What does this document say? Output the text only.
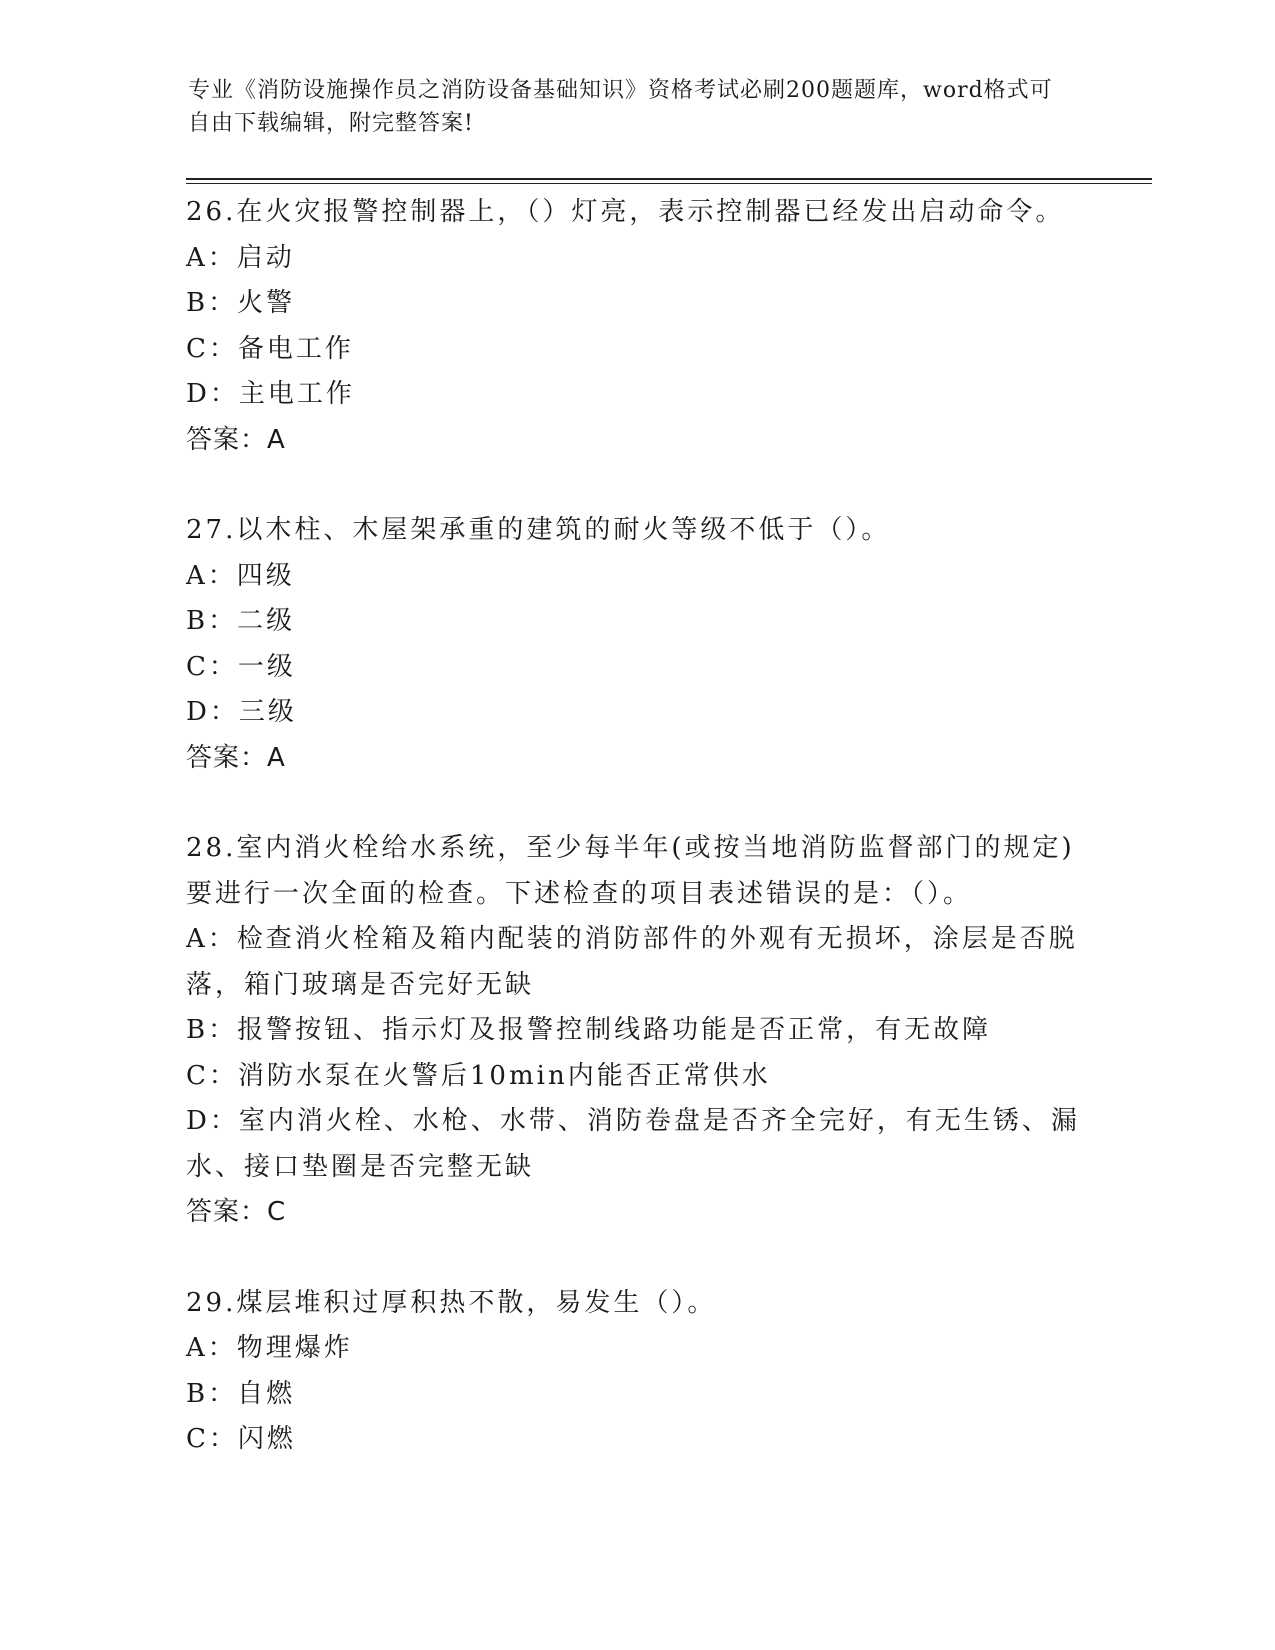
专业《消防设施操作员之消防设备基础知识》资格考试必刷200题题库，word格式可自由下载编辑，附完整答案!
26.在火灾报警控制器上，（）灯亮，表示控制器已经发出启动命令。
A：启动
B：火警
C：备电工作
D：主电工作
答案：A
27.以木柱、木屋架承重的建筑的耐火等级不低于（）。
A：四级
B：二级
C：一级
D：三级
答案：A
28.室内消火栓给水系统，至少每半年(或按当地消防监督部门的规定)要进行一次全面的检查。下述检查的项目表述错误的是：（）。
A：检查消火栓箱及箱内配装的消防部件的外观有无损坏，涂层是否脱落，箱门玻璃是否完好无缺
B：报警按钮、指示灯及报警控制线路功能是否正常，有无故障
C：消防水泵在火警后10min内能否正常供水
D：室内消火栓、水枪、水带、消防卷盘是否齐全完好，有无生锈、漏水、接口垫圈是否完整无缺
答案：C
29.煤层堆积过厚积热不散，易发生（）。
A：物理爆炸
B：自燃
C：闪燃
